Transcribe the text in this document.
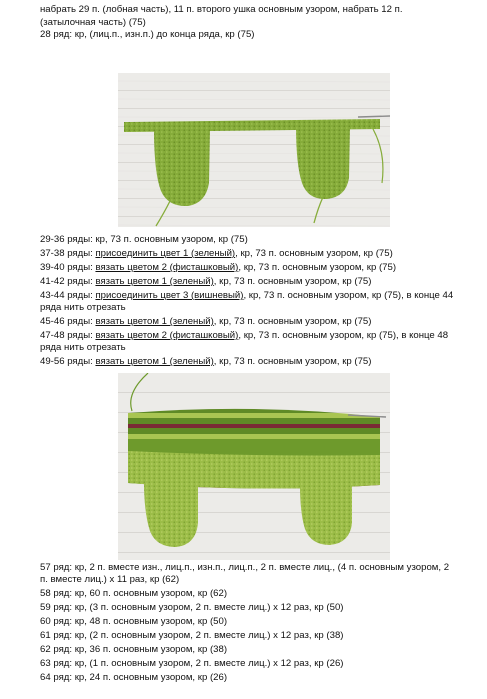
набрать 29 п. (лобная часть), 11 п. второго ушка основным узором, набрать 12 п.
(затылочная часть) (75)
28 ряд: кр, (лиц.п., изн.п.) до конца ряда, кр (75)
29-36 ряды: кр, 73 п. основным узором, кр (75)
37-38 ряды: присоединить цвет 1 (зеленый), кр, 73 п. основным узором, кр (75)
39-40 ряды: вязать цветом 2 (фисташковый), кр, 73 п. основным узором, кр (75)
41-42 ряды: вязать цветом 1 (зеленый), кр, 73 п. основным узором, кр (75)
43-44 ряды: присоединить цвет 3 (вишневый), кр, 73 п. основным узором, кр (75), в конце 44
ряда нить отрезать
45-46 ряды: вязать цветом 1 (зеленый), кр, 73 п. основным узором, кр (75)
47-48 ряды: вязать цветом 2 (фисташковый), кр, 73 п. основным узором, кр (75), в конце 48
ряда нить отрезать
49-56 ряды: вязать цветом 1 (зеленый), кр, 73 п. основным узором, кр (75)
57 ряд: кр, 2 п. вместе изн., лиц.п., изн.п., лиц.п., 2 п. вместе лиц., (4 п. основным узором, 2
п. вместе лиц.) х 11 раз, кр (62)
58 ряд: кр, 60 п. основным узором, кр (62)
59 ряд: кр, (3 п. основным узором, 2 п. вместе лиц.) х 12 раз, кр (50)
60 ряд: кр, 48 п. основным узором, кр (50)
61 ряд: кр, (2 п. основным узором, 2 п. вместе лиц.) х 12 раз, кр (38)
62 ряд: кр, 36 п. основным узором, кр (38)
63 ряд: кр, (1 п. основным узором, 2 п. вместе лиц.) х 12 раз, кр (26)
64 ряд: кр, 24 п. основным узором, кр (26)
